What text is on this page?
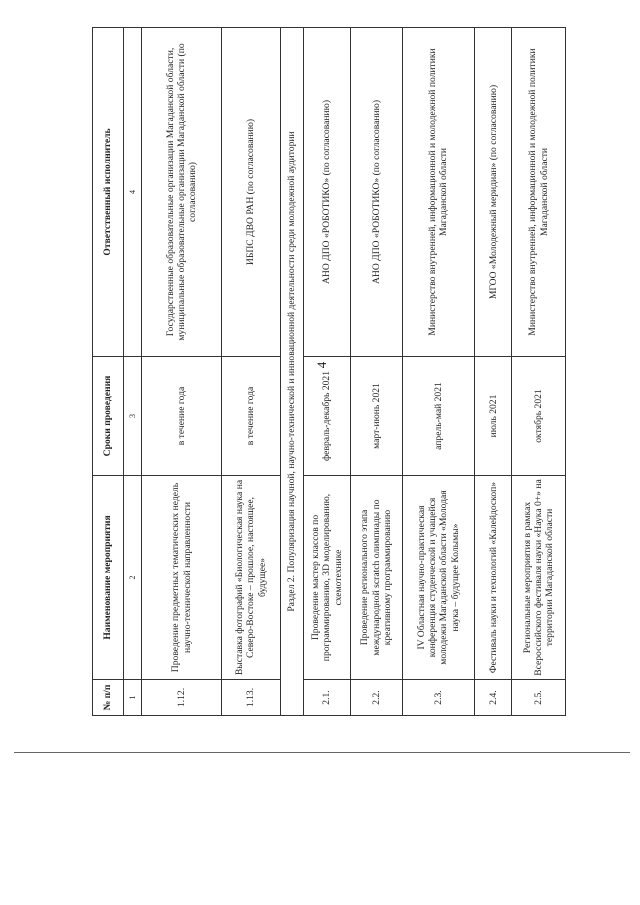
4
№ п/п	Наименование мероприятия	Сроки проведения	Ответственный исполнитель
1	2	3	4
1.12.	Проведение предметных тематических недель научно-технической направленности	в течение года	Государственные образовательные организации Магаданской области, муниципальные образовательные организации Магаданской области (по согласованию)
1.13.	Выставка фотографий «Биологическая наука на Северо-Востоке – прошлое, настоящее, будущее»	в течение года	ИБПС ДВО РАН (по согласованию)
Раздел 2. Популяризация научной, научно-технической и инновационной деятельности среди молодежной аудитории			
2.1.	Проведение мастер классов по программированию, 3D моделированию, схемотехнике	февраль-декабрь 2021	АНО ДПО «РОБОТИКО» (по согласованию)
2.2.	Проведение регионального этапа международной scratch олимпиады по креативному программированию	март-июнь 2021	АНО ДПО «РОБОТИКО» (по согласованию)
2.3.	IV Областная научно-практическая конференция студенческой и учащейся молодежи Магаданской области «Молодая наука – будущее Колымы»	апрель-май 2021	Министерство внутренней, информационной и молодежной политики Магаданской области
2.4.	Фестиваль науки и технологий «Калейдоскоп»	июль 2021	МГОО «Молодежный меридиан» (по согласованию)
2.5.	Региональные мероприятия в рамках Всероссийского фестиваля науки «Наука 0+» на территории Магаданской области	октябрь 2021	Министерство внутренней, информационной и молодежной политики Магаданской области
